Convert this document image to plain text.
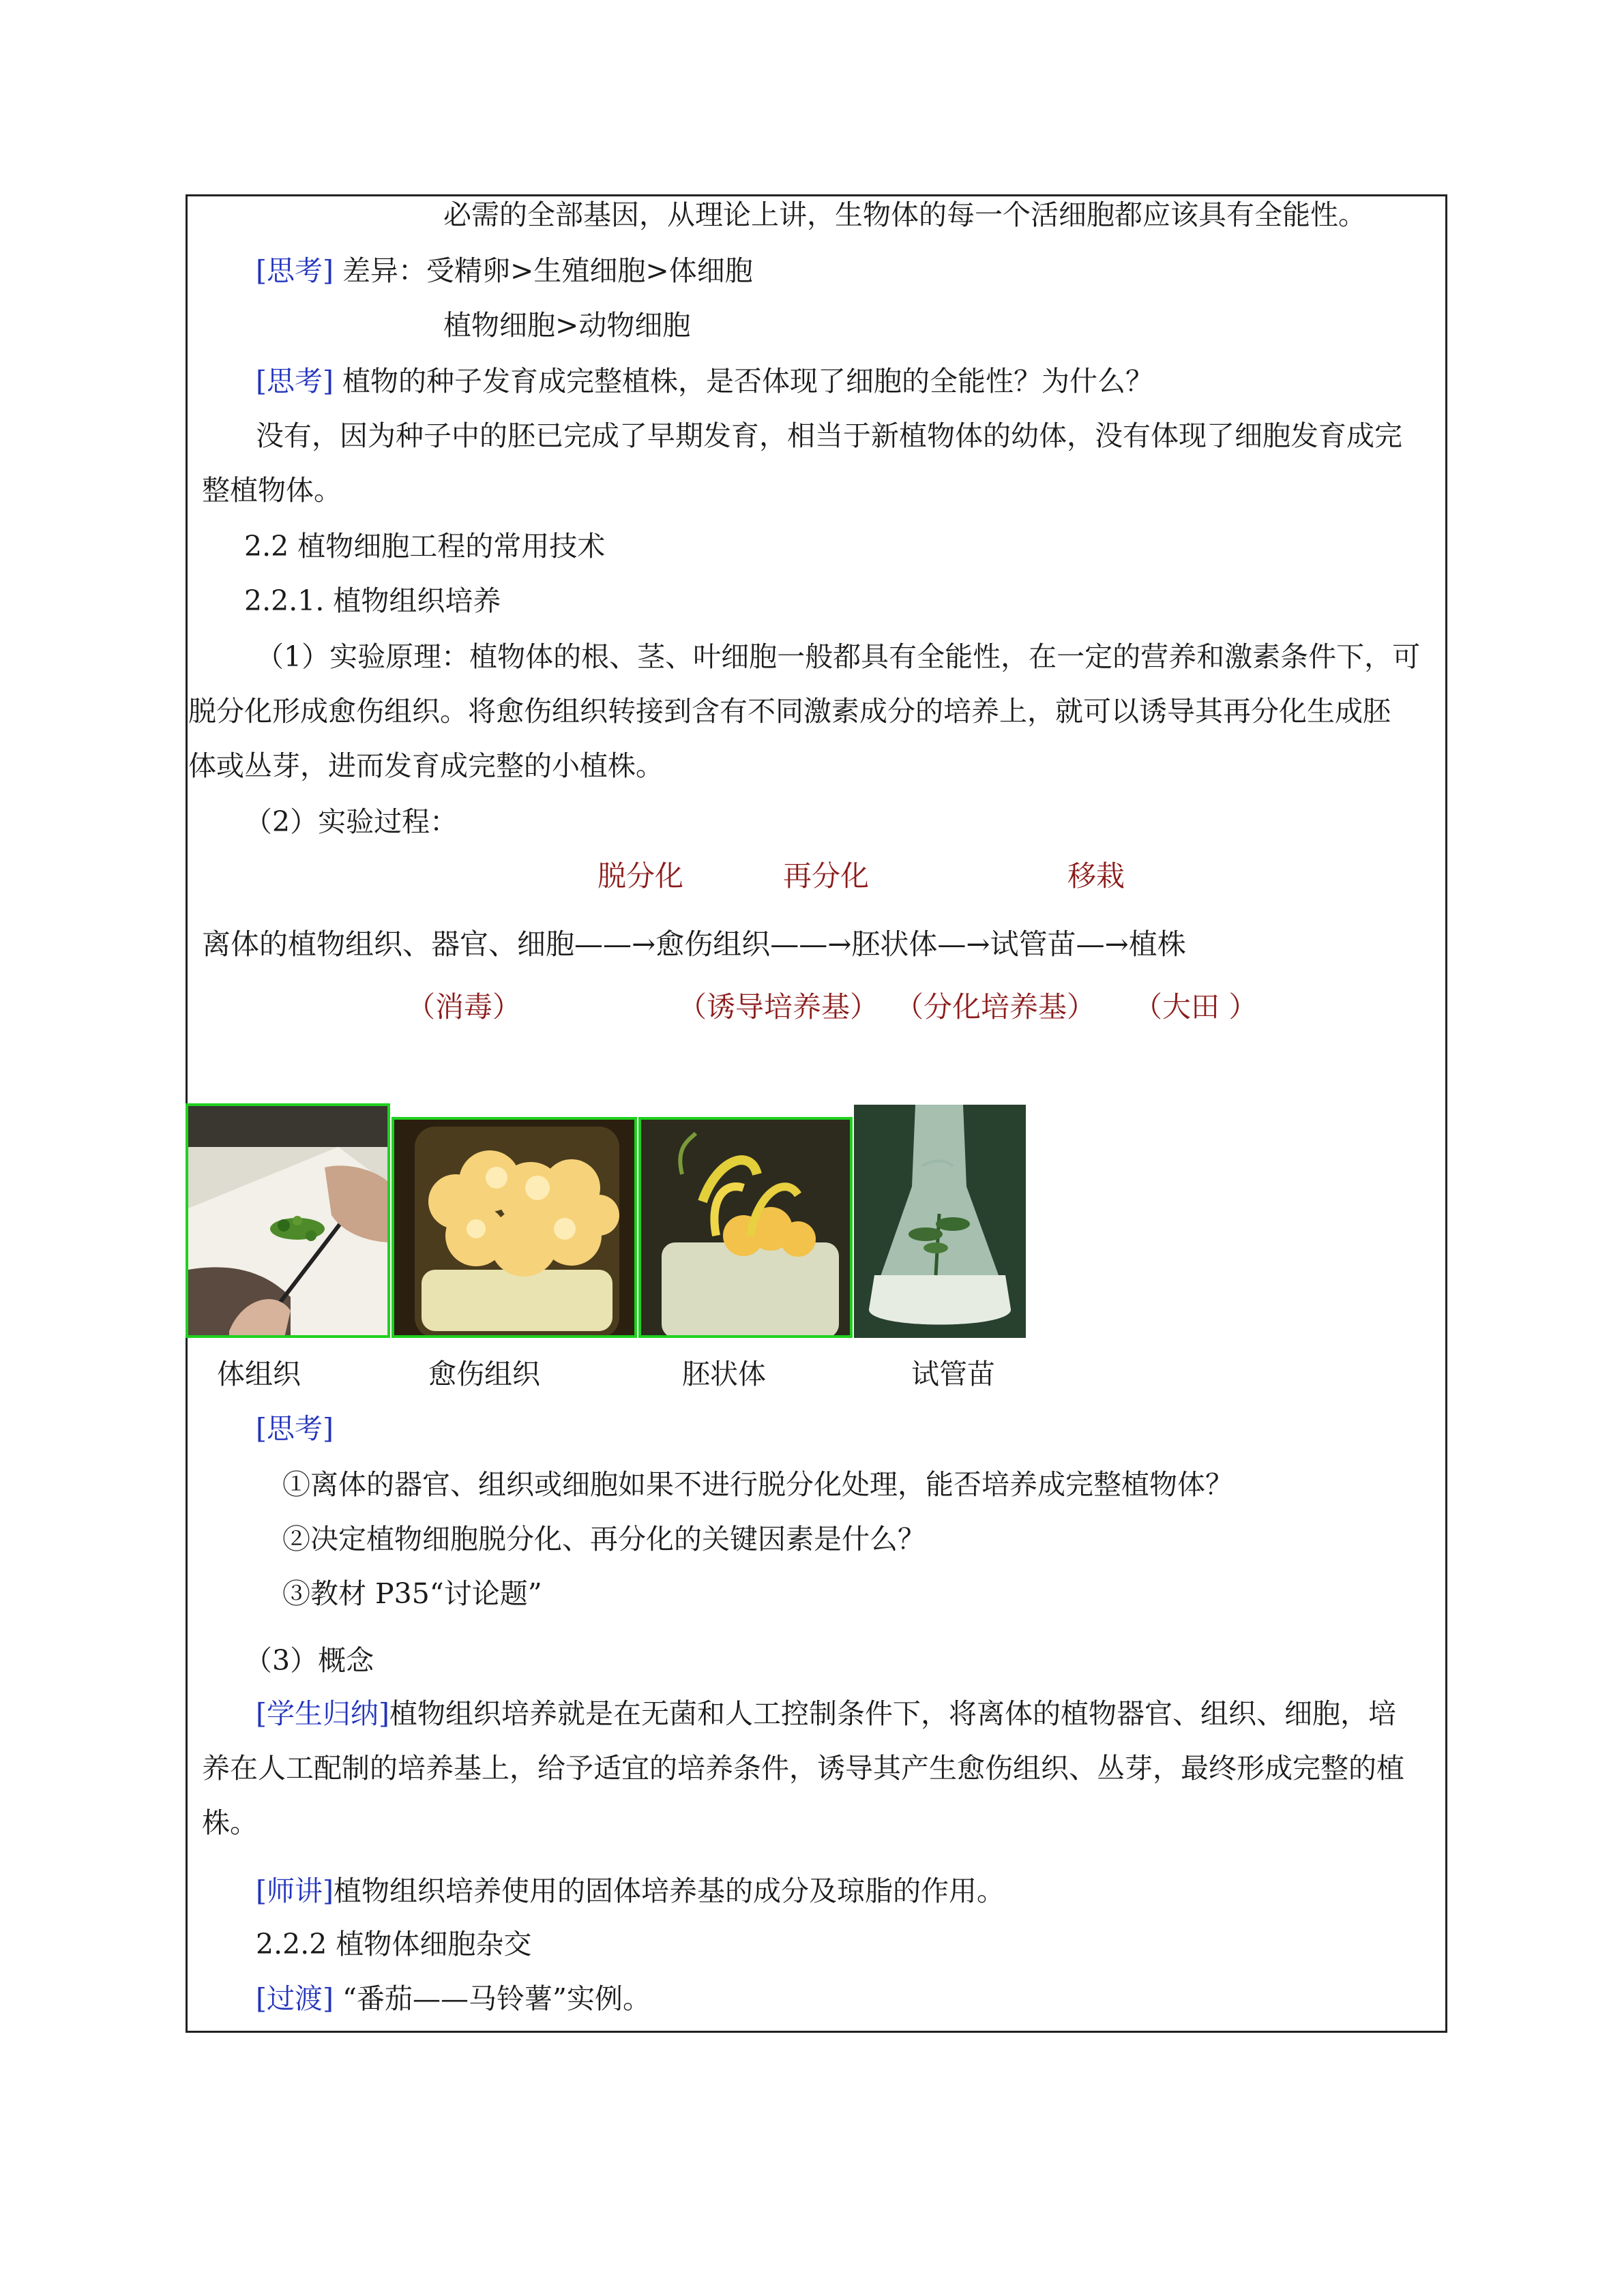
必需的全部基因，从理论上讲，生物体的每一个活细胞都应该具有全能性。
[思考] 差异：受精卵>生殖细胞>体细胞
植物细胞>动物细胞
[思考] 植物的种子发育成完整植株，是否体现了细胞的全能性？为什么？
没有，因为种子中的胚已完成了早期发育，相当于新植物体的幼体，没有体现了细胞发育成完
整植物体。
2.2 植物细胞工程的常用技术
2.2.1. 植物组织培养
（1）实验原理：植物体的根、茎、叶细胞一般都具有全能性，在一定的营养和激素条件下，可
脱分化形成愈伤组织。将愈伤组织转接到含有不同激素成分的培养上，就可以诱导其再分化生成胚
体或丛芽，进而发育成完整的小植株。
（2）实验过程：
脱分化	再分化	移栽
离体的植物组织、器官、细胞——→愈伤组织——→胚状体—→试管苗—→植株
（消毒）	（诱导培养基） （分化培养基） （大田 ）
体组织	愈伤组织	胚状体	试管苗
[思考]
①离体的器官、组织或细胞如果不进行脱分化处理，能否培养成完整植物体？
②决定植物细胞脱分化、再分化的关键因素是什么？
③教材 P35“讨论题”
（3）概念
[学生归纳]植物组织培养就是在无菌和人工控制条件下，将离体的植物器官、组织、细胞，培
养在人工配制的培养基上，给予适宜的培养条件，诱导其产生愈伤组织、丛芽，最终形成完整的植
株。
[师讲]植物组织培养使用的固体培养基的成分及琼脂的作用。
2.2.2 植物体细胞杂交
[过渡] “番茄——马铃薯”实例。
